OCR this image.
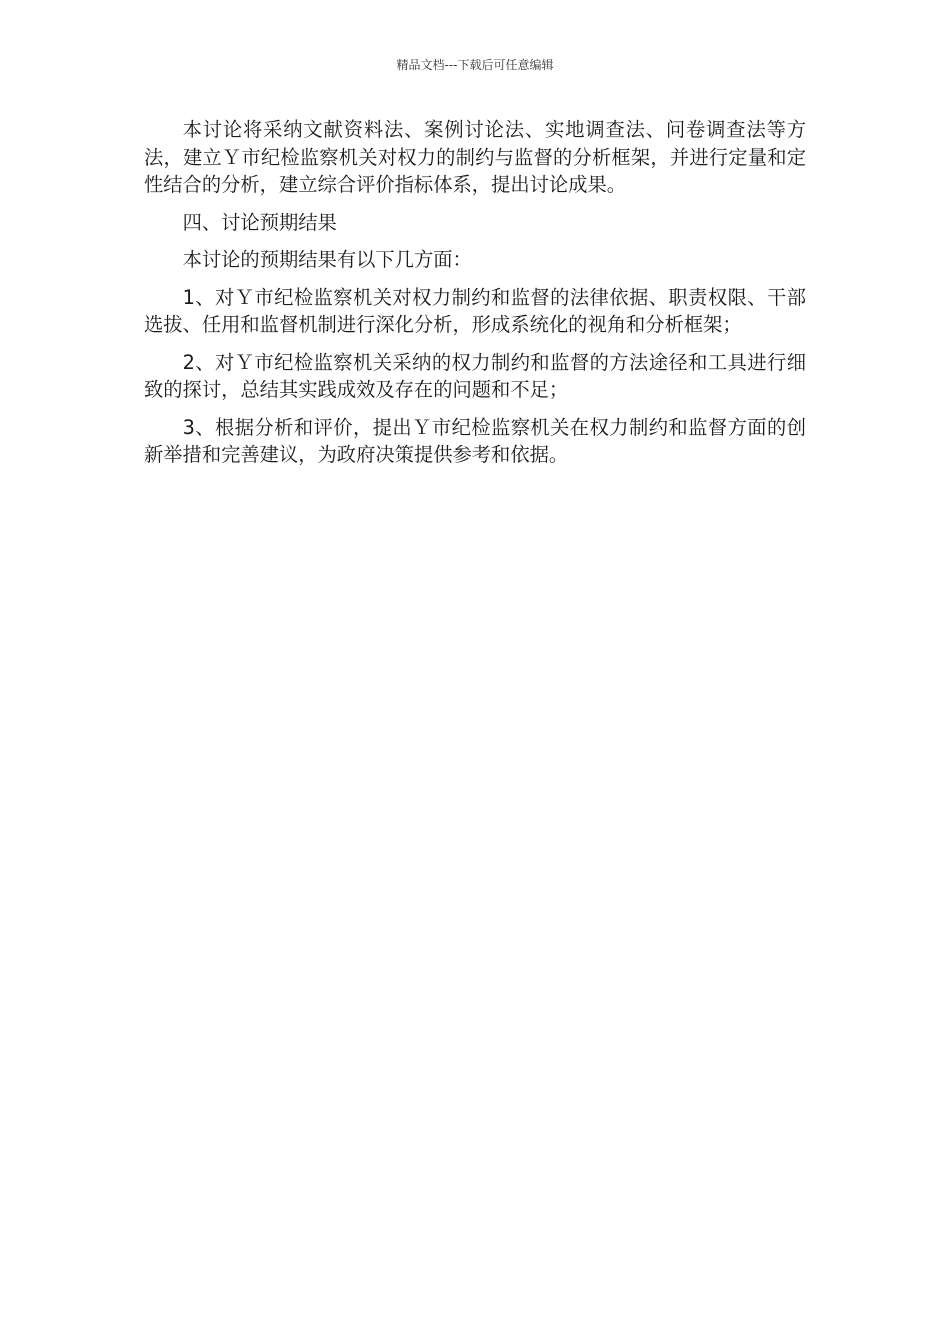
精品文档---下载后可任意编辑

本讨论将采纳文献资料法、案例讨论法、实地调查法、问卷调查法等方法，建立Ｙ市纪检监察机关对权力的制约与监督的分析框架，并进行定量和定性结合的分析，建立综合评价指标体系，提出讨论成果。

四、讨论预期结果

本讨论的预期结果有以下几方面：

1、对Ｙ市纪检监察机关对权力制约和监督的法律依据、职责权限、干部选拔、任用和监督机制进行深化分析，形成系统化的视角和分析框架；

2、对Ｙ市纪检监察机关采纳的权力制约和监督的方法途径和工具进行细致的探讨，总结其实践成效及存在的问题和不足；

3、根据分析和评价，提出Ｙ市纪检监察机关在权力制约和监督方面的创新举措和完善建议，为政府决策提供参考和依据。
